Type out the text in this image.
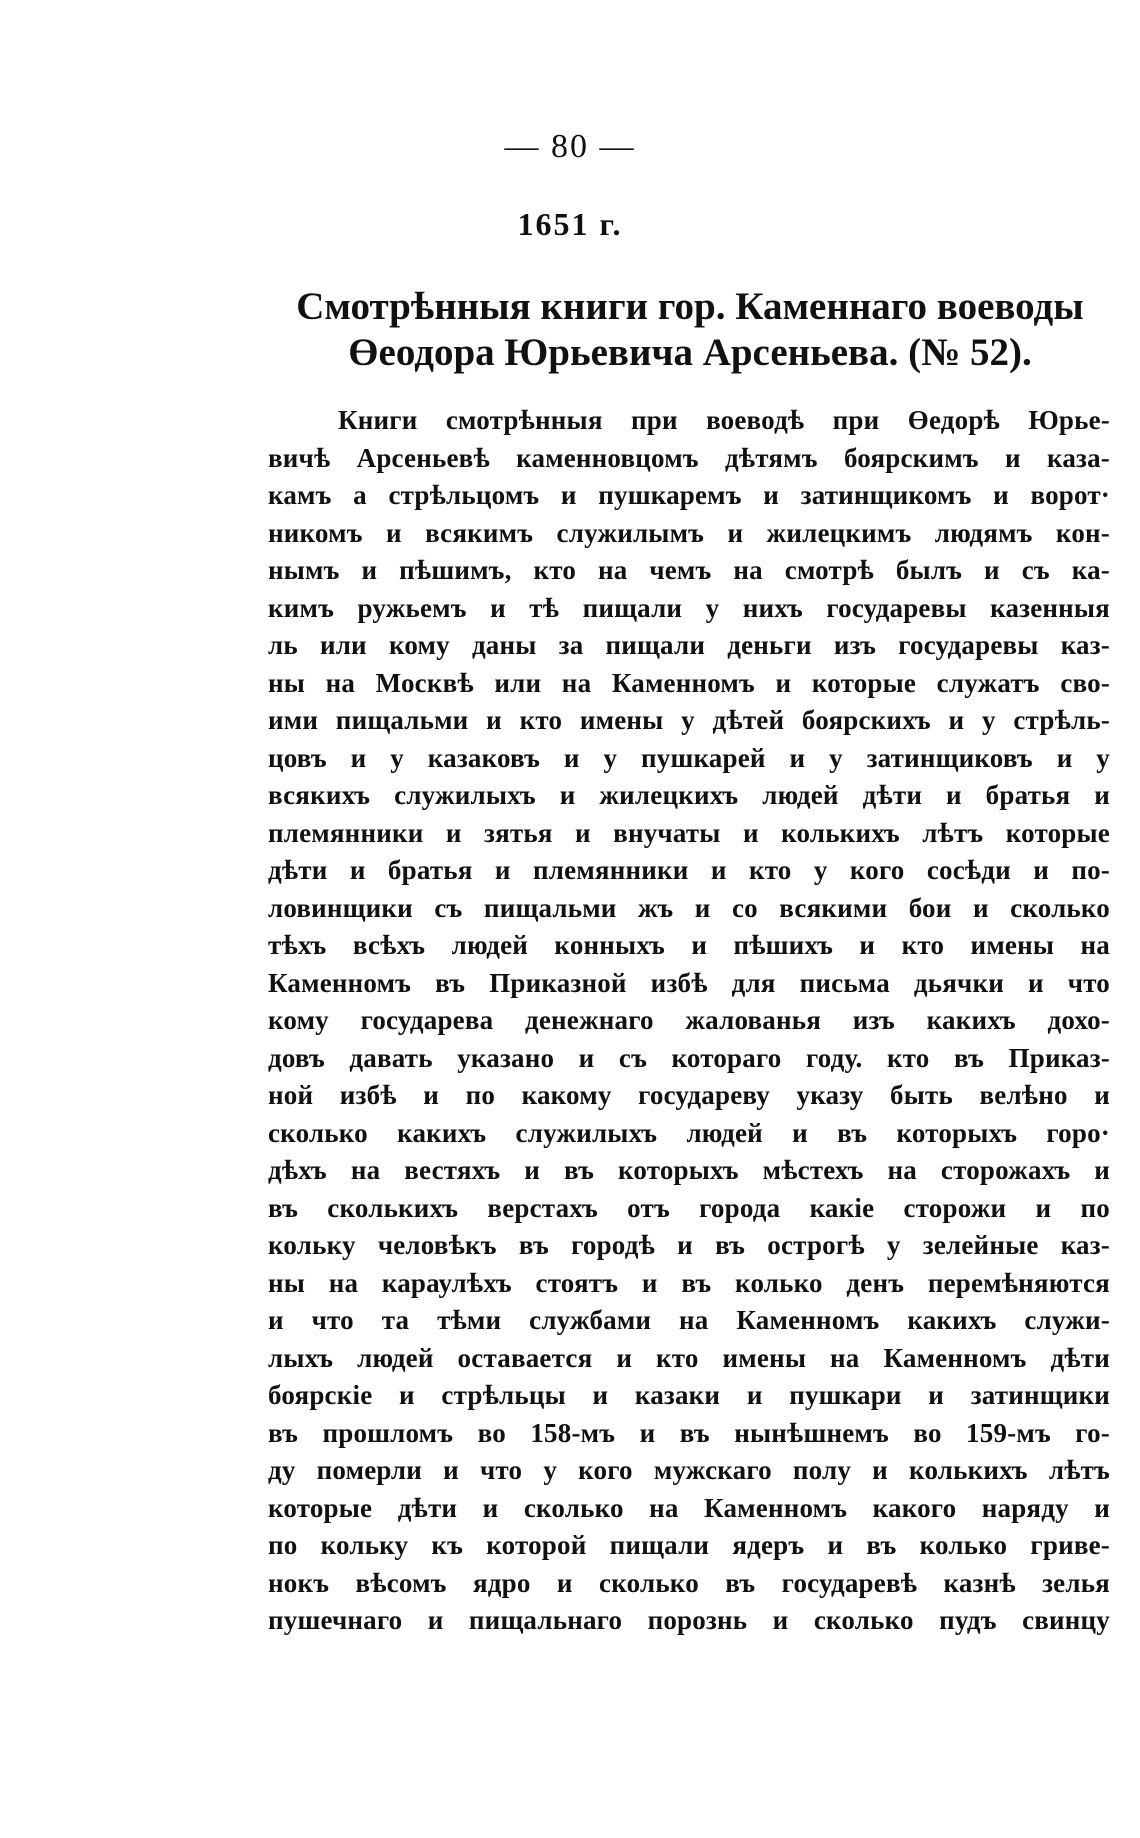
— 80 —
1651 г.
Смотрѣнныя книги гор. Каменнаго воеводы
Өеодора Юрьевича Арсеньева. (№ 52).
Книги смотрѣнныя при воеводѣ при Өедорѣ Юрье-
вичѣ Арсеньевѣ каменновцомъ дѣтямъ боярскимъ и каза-
камъ а стрѣльцомъ и пушкаремъ и затинщикомъ и ворот·
никомъ и всякимъ служилымъ и жилецкимъ людямъ кон-
нымъ и пѣшимъ, кто на чемъ на смотрѣ былъ и съ ка-
кимъ ружьемъ и тѣ пищали у нихъ государевы казенныя
ль или кому даны за пищали деньги изъ государевы каз-
ны на Москвѣ или на Каменномъ и которые служатъ сво-
ими пищальми и кто имены у дѣтей боярскихъ и у стрѣль-
цовъ и у казаковъ и у пушкарей и у затинщиковъ и у
всякихъ служилыхъ и жилецкихъ людей дѣти и братья и
племянники и зятья и внучаты и колькихъ лѣтъ которые
дѣти и братья и племянники и кто у кого сосѣди и по-
ловинщики съ пищальми жъ и со всякими бои и сколько
тѣхъ всѣхъ людей конныхъ и пѣшихъ и кто имены на
Каменномъ въ Приказной избѣ для письма дьячки и что
кому государева денежнаго жалованья изъ какихъ дохо-
довъ давать указано и съ котораго году. кто въ Приказ-
ной избѣ и по какому государеву указу быть велѣно и
сколько какихъ служилыхъ людей и въ которыхъ горо·
дѣхъ на вестяхъ и въ которыхъ мѣстехъ на сторожахъ и
въ сколькихъ верстахъ отъ города какіе сторожи и по
кольку человѣкъ въ городѣ и въ острогѣ у зелейные каз-
ны на караулѣхъ стоятъ и въ колько денъ перемѣняются
и что та тѣми службами на Каменномъ какихъ служи-
лыхъ людей оставается и кто имены на Каменномъ дѣти
боярскіе и стрѣльцы и казаки и пушкари и затинщики
въ прошломъ во 158-мъ и въ нынѣшнемъ во 159-мъ го-
ду померли и что у кого мужскаго полу и колькихъ лѣтъ
которые дѣти и сколько на Каменномъ какого наряду и
по кольку къ которой пищали ядеръ и въ колько гриве-
нокъ вѣсомъ ядро и сколько въ государевѣ казнѣ зелья
пушечнаго и пищальнаго порознь и сколько пудъ свинцу
